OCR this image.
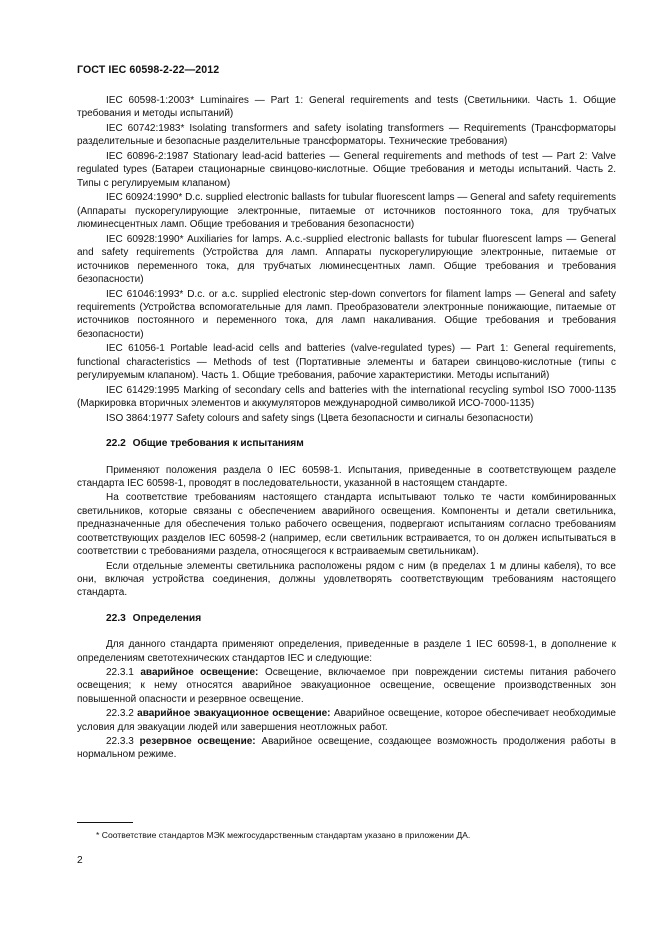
ГОСТ IEC 60598-2-22—2012

IEC 60598-1:2003* Luminaires — Part 1: General requirements and tests (Светильники. Часть 1. Общие требования и методы испытаний)

IEC 60742:1983* Isolating transformers and safety isolating transformers — Requirements (Трансформаторы разделительные и безопасные разделительные трансформаторы. Технические требования)

IEC 60896-2:1987 Stationary lead-acid batteries — General requirements and methods of test — Part 2: Valve regulated types (Батареи стационарные свинцово-кислотные. Общие требования и методы испытаний. Часть 2. Типы с регулируемым клапаном)

IEC 60924:1990* D.c. supplied electronic ballasts for tubular fluorescent lamps — General and safety requirements (Аппараты пускорегулирующие электронные, питаемые от источников постоянного тока, для трубчатых люминесцентных ламп. Общие требования и требования безопасности)

IEC 60928:1990* Auxiliaries for lamps. A.c.-supplied electronic ballasts for tubular fluorescent lamps — General and safety requirements (Устройства для ламп. Аппараты пускорегулирующие электронные, питаемые от источников переменного тока, для трубчатых люминесцентных ламп. Общие требования и требования безопасности)

IEC 61046:1993* D.c. or a.c. supplied electronic step-down convertors for filament lamps — General and safety requirements (Устройства вспомогательные для ламп. Преобразователи электронные понижающие, питаемые от источников постоянного и переменного тока, для ламп накаливания. Общие требования и требования безопасности)

IEC 61056-1 Portable lead-acid cells and batteries (valve-regulated types) — Part 1: General requirements, functional characteristics — Methods of test (Портативные элементы и батареи свинцово-кислотные (типы с регулируемым клапаном). Часть 1. Общие требования, рабочие характеристики. Методы испытаний)

IEC 61429:1995 Marking of secondary cells and batteries with the international recycling symbol ISO 7000-1135 (Маркировка вторичных элементов и аккумуляторов международной символикой ИСО-7000-1135)

ISO 3864:1977 Safety colours and safety sings (Цвета безопасности и сигналы безопасности)

22.2 Общие требования к испытаниям

Применяют положения раздела 0 IEC 60598-1. Испытания, приведенные в соответствующем разделе стандарта IEC 60598-1, проводят в последовательности, указанной в настоящем стандарте.

На соответствие требованиям настоящего стандарта испытывают только те части комбинированных светильников, которые связаны с обеспечением аварийного освещения. Компоненты и детали светильника, предназначенные для обеспечения только рабочего освещения, подвергают испытаниям согласно требованиям соответствующих разделов IEC 60598-2 (например, если светильник встраивается, то он должен испытываться в соответствии с требованиями раздела, относящегося к встраиваемым светильникам).

Если отдельные элементы светильника расположены рядом с ним (в пределах 1 м длины кабеля), то все они, включая устройства соединения, должны удовлетворять соответствующим требованиям настоящего стандарта.

22.3 Определения

Для данного стандарта применяют определения, приведенные в разделе 1 IEC 60598-1, в дополнение к определениям светотехнических стандартов IEC и следующие:

22.3.1 аварийное освещение: Освещение, включаемое при повреждении системы питания рабочего освещения; к нему относятся аварийное эвакуационное освещение, освещение производственных зон повышенной опасности и резервное освещение.

22.3.2 аварийное эвакуационное освещение: Аварийное освещение, которое обеспечивает необходимые условия для эвакуации людей или завершения неотложных работ.

22.3.3 резервное освещение: Аварийное освещение, создающее возможность продолжения работы в нормальном режиме.

* Соответствие стандартов МЭК межгосударственным стандартам указано в приложении ДА.
2
